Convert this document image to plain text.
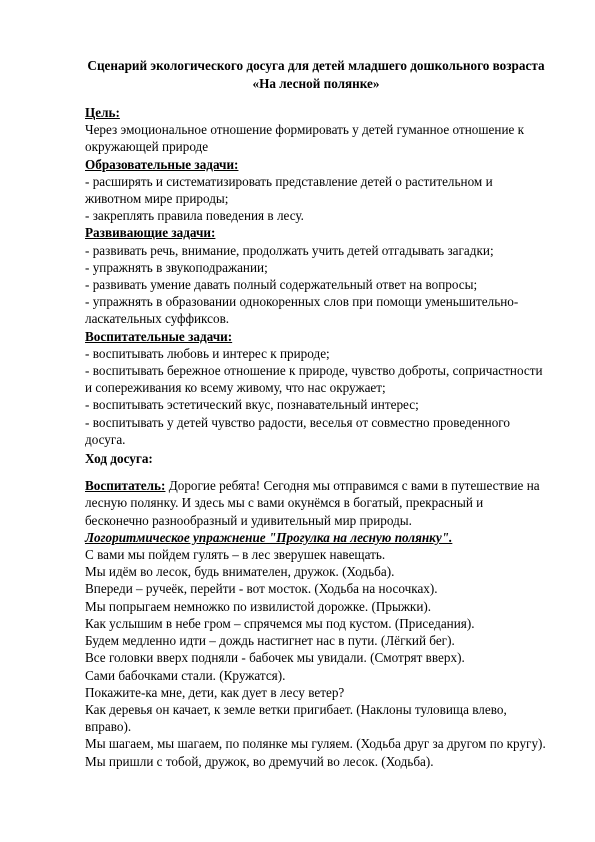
Сценарий экологического досуга для детей младшего дошкольного возраста «На лесной полянке»
Цель:
Через эмоциональное отношение формировать у детей гуманное отношение к окружающей природе
Образовательные задачи:
- расширять и систематизировать представление детей о растительном и животном мире природы;
- закреплять правила поведения в лесу.
Развивающие задачи:
- развивать речь, внимание, продолжать учить детей отгадывать загадки;
- упражнять в звукоподражании;
- развивать умение давать полный содержательный ответ на вопросы;
- упражнять в образовании однокоренных слов при помощи уменьшительно-ласкательных суффиксов.
Воспитательные задачи:
- воспитывать любовь и интерес к природе;
- воспитывать бережное отношение к природе, чувство доброты, сопричастности и сопереживания ко всему живому, что нас окружает;
- воспитывать эстетический вкус, познавательный интерес;
- воспитывать у детей чувство радости, веселья от совместно проведенного досуга.
Ход досуга:
Воспитатель: Дорогие ребята! Сегодня мы отправимся с вами в путешествие на лесную полянку. И здесь мы с вами окунёмся в богатый, прекрасный и бесконечно разнообразный и удивительный мир природы.
Логоритмическое упражнение "Прогулка на лесную полянку".
С вами мы пойдем гулять – в лес зверушек навещать.
Мы идём во лесок, будь внимателен, дружок. (Ходьба).
Впереди – ручеёк, перейти - вот мосток. (Ходьба на носочках).
Мы попрыгаем немножко по извилистой дорожке. (Прыжки).
Как услышим в небе гром – спрячемся мы под кустом. (Приседания).
Будем медленно идти – дождь настигнет нас в пути. (Лёгкий бег).
Все головки вверх подняли - бабочек мы увидали. (Смотрят вверх).
Сами бабочками стали. (Кружатся).
Покажите-ка мне, дети, как дует в лесу ветер?
Как деревья он качает, к земле ветки пригибает. (Наклоны туловища влево, вправо).
Мы шагаем, мы шагаем, по полянке мы гуляем. (Ходьба друг за другом по кругу).
Мы пришли с тобой, дружок, во дремучий во лесок. (Ходьба).
